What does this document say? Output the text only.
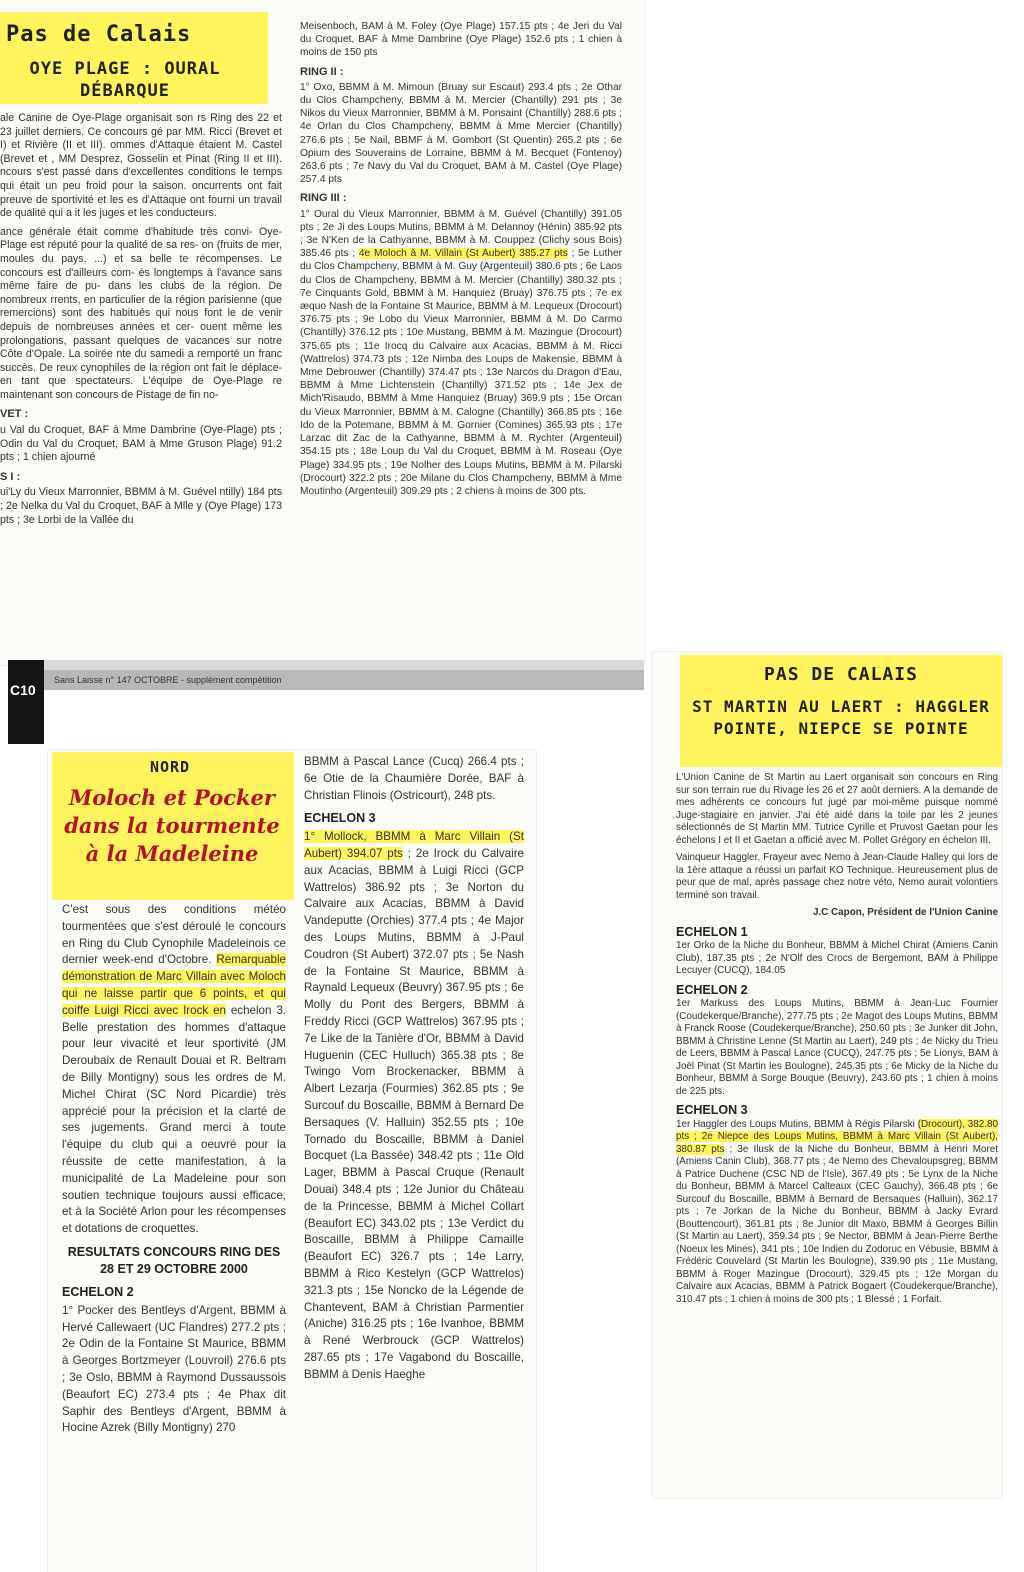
Pas de Calais
OYE PLAGE : OURAL DÉBARQUE

ale Canine de Oye-Plage organisait son rs Ring des 22 et 23 juillet derniers. Ce concours gé par MM. Ricci (Brevet et I) et Rivière (II et III). ommes d'Attaque étaient M. Castel (Brevet et , MM Desprez, Gosselin et Pinat (Ring II et III). ncours s'est passé dans d'excellentes conditions le temps qui était un peu froid pour la saison. oncurrents ont fait preuve de sportivité et les es d'Attaque ont fourni un travail de qualité qui a it les juges et les conducteurs.

ance générale était comme d'habitude très convi- Oye-Plage est réputé pour la qualité de sa res- on (fruits de mer, moules du pays, ...) et sa belle te récompenses. Le concours est d'ailleurs com- ès longtemps à l'avance sans même faire de pu- dans les clubs de la région. De nombreux rrents, en particulier de la région parisienne (que remercions) sont des habitués qui nous font le de venir depuis de nombreuses années et cer- ouent même les prolongations, passant quelques de vacances sur notre Côte d'Opale. La soirée nte du samedi a remporté un franc succès. De reux cynophiles de la région ont fait le déplace- en tant que spectateurs. L'équipe de Oye-Plage re maintenant son concours de Pistage de fin no-

VET :

u Val du Croquet, BAF à Mme Dambrine (Oye-Plage) pts ; Odin du Val du Croquet, BAM à Mme Gruson Plage) 91.2 pts ; 1 chien ajourné

S I :

ui'Ly du Vieux Marronnier, BBMM à M. Guével ntilly) 184 pts ; 2e Nelka du Val du Croquet, BAF à Mlle y (Oye Plage) 173 pts ; 3e Lorbi de la Vallée du

Meisenboch, BAM à M. Foley (Oye Plage) 157.15 pts ; 4e Jeri du Val du Croquet, BAF à Mme Dambrine (Oye Plage) 152.6 pts ; 1 chien à moins de 150 pts

RING II :

1° Oxo, BBMM à M. Mimoun (Bruay sur Escaut) 293.4 pts ; 2e Othar du Clos Champcheny, BBMM à M. Mercier (Chantilly) 291 pts ; 3e Nikos du Vieux Marronnier, BBMM à M. Ponsaint (Chantilly) 288.6 pts ; 4e Orlan du Clos Champcheny, BBMM à Mme Mercier (Chantilly) 276.6 pts ; 5e Nail, BBMF à M. Gombort (St Quentin) 265.2 pts ; 6e Opium des Souverains de Lorraine, BBMM à M. Becquet (Fontenoy) 263.6 pts ; 7e Navy du Val du Croquet, BAM à M. Castel (Oye Plage) 257.4 pts

RING III :

1° Oural du Vieux Marronnier, BBMM à M. Guével (Chantilly) 391.05 pts ; 2e Ji des Loups Mutins, BBMM à M. Delannoy (Hénin) 385.92 pts ; 3e N'Ken de la Cathyanne, BBMM à M. Couppez (Clichy sous Bois) 385.46 pts ; 4e Moloch à M. Villain (St Aubert) 385.27 pts ; 5e Luther du Clos Champcheny, BBMM à M. Guy (Argenteuil) 380.6 pts ; 6e Laos du Clos de Champcheny, BBMM à M. Mercier (Chantilly) 380.32 pts ; 7e Cinquants Gold, BBMM à M. Hanquiez (Bruay) 376.75 pts ; 7e ex æquo Nash de la Fontaine St Maurice, BBMM à M. Lequeux (Drocourt) 376.75 pts ; 9e Lobo du Vieux Marronnier, BBMM à M. Do Carmo (Chantilly) 376.12 pts ; 10e Mustang, BBMM à M. Mazingue (Drocourt) 375.65 pts ; 11e Irocq du Calvaire aux Acacias, BBMM à M. Ricci (Wattrelos) 374.73 pts ; 12e Nimba des Loups de Makensie, BBMM à Mme Debrouwer (Chantilly) 374.47 pts ; 13e Narcos du Dragon d'Eau, BBMM à Mme Lichtenstein (Chantilly) 371.52 pts ; 14e Jex de Mich'Risaudo, BBMM à Mme Hanquiez (Bruay) 369.9 pts ; 15e Orcan du Vieux Marronnier, BBMM à M. Calogne (Chantilly) 366.85 pts ; 16e Ido de la Potemane, BBMM à M. Gornier (Comines) 365.93 pts ; 17e Larzac dit Zac de la Cathyanne, BBMM à M. Rychter (Argenteuil) 354.15 pts ; 18e Loup du Val du Croquet, BBMM à M. Roseau (Oye Plage) 334.95 pts ; 19e Nolher des Loups Mutins, BBMM à M. Pilarski (Drocourt) 322.2 pts ; 20e Milane du Clos Champcheny, BBMM à Mme Moutinho (Argenteuil) 309.29 pts ; 2 chiens à moins de 300 pts.

C10
Sans Laisse n° 147 OCTOBRE - supplément compétition
NORD
Moloch et Pocker dans la tourmente à la Madeleine

C'est sous des conditions météo tourmentées que s'est déroulé le concours en Ring du Club Cynophile Madeleinois ce dernier week-end d'Octobre. Remarquable démonstration de Marc Villain avec Moloch qui ne laisse partir que 6 points, et qui coiffe Luigi Ricci avec Irock en echelon 3. Belle prestation des hommes d'attaque pour leur vivacité et leur sportivité (JM Deroubaix de Renault Douai et R. Beltram de Billy Montigny) sous les ordres de M. Michel Chirat (SC Nord Picardie) très apprécié pour la précision et la clarté de ses jugements. Grand merci à toute l'équipe du club qui a oeuvré pour la réussite de cette manifestation, à la municipalité de La Madeleine pour son soutien technique toujours aussi efficace, et à la Société Arlon pour les récompenses et dotations de croquettes.

RESULTATS CONCOURS RING DES 28 ET 29 OCTOBRE 2000
ECHELON 2

1° Pocker des Bentleys d'Argent, BBMM à Hervé Callewaert (UC Flandres) 277.2 pts ; 2e Odin de la Fontaine St Maurice, BBMM à Georges Bortzmeyer (Louvroil) 276.6 pts ; 3e Oslo, BBMM à Raymond Dussaussois (Beaufort EC) 273.4 pts ; 4e Phax dit Saphir des Bentleys d'Argent, BBMM à Hocine Azrek (Billy Montigny) 270

BBMM à Pascal Lance (Cucq) 266.4 pts ; 6e Otie de la Chaumière Dorée, BAF à Christian Flinois (Ostricourt), 248 pts.

ECHELON 3

1° Mollock, BBMM à Marc Villain (St Aubert) 394.07 pts ; 2e Irock du Calvaire aux Acacias, BBMM à Luigi Ricci (GCP Wattrelos) 386.92 pts ; 3e Norton du Calvaire aux Acacias, BBMM à David Vandeputte (Orchies) 377.4 pts ; 4e Major des Loups Mutins, BBMM à J-Paul Coudron (St Aubert) 372.07 pts ; 5e Nash de la Fontaine St Maurice, BBMM à Raynald Lequeux (Beuvry) 367.95 pts ; 6e Molly du Pont des Bergers, BBMM à Freddy Ricci (GCP Wattrelos) 367.95 pts ; 7e Like de la Tanière d'Or, BBMM à David Huguenin (CEC Hulluch) 365.38 pts ; 8e Twingo Vom Brockenacker, BBMM à Albert Lezarja (Fourmies) 362.85 pts ; 9e Surcouf du Boscaille, BBMM à Bernard De Bersaques (V. Halluin) 352.55 pts ; 10e Tornado du Boscaille, BBMM à Daniel Bocquet (La Bassée) 348.42 pts ; 11e Old Lager, BBMM à Pascal Cruque (Renault Douai) 348.4 pts ; 12e Junior du Château de la Princesse, BBMM à Michel Collart (Beaufort EC) 343.02 pts ; 13e Verdict du Boscaille, BBMM à Philippe Camaille (Beaufort EC) 326.7 pts ; 14e Larry, BBMM à Rico Kestelyn (GCP Wattrelos) 321.3 pts ; 15e Noncko de la Légende de Chantevent, BAM à Christian Parmentier (Aniche) 316.25 pts ; 16e Ivanhoe, BBMM à René Werbrouck (GCP Wattrelos) 287.65 pts ; 17e Vagabond du Boscaille, BBMM à Denis Haeghe

PAS DE CALAIS
ST MARTIN AU LAERT : HAGGLER POINTE, NIEPCE SE POINTE

L'Union Canine de St Martin au Laert organisait son concours en Ring sur son terrain rue du Rivage les 26 et 27 août derniers. A la demande de mes adhérents ce concours fut jugé par moi-même puisque nommé Juge-stagiaire en janvier. J'ai été aidé dans la toile par les 2 jeunes sélectionnés de St Martin MM. Tutrice Cyrille et Pruvost Gaetan pour les échelons I et II et Gaetan a officié avec M. Pollet Grégory en échelon III.

Vainqueur Haggler, Frayeur avec Nemo à Jean-Claude Halley qui lors de la 1ère attaque a réussi un parfait KO Technique. Heureusement plus de peur que de mal, après passage chez notre véto, Nemo aurait volontiers terminé son travail.

J.C Capon, Président de l'Union Canine
ECHELON 1

1er Orko de la Niche du Bonheur, BBMM à Michel Chirat (Amiens Canin Club), 187.35 pts ; 2e N'Olf des Crocs de Bergemont, BAM à Philippe Lecuyer (CUCQ), 184.05

ECHELON 2

1er Markuss des Loups Mutins, BBMM à Jean-Luc Fournier (Coudekerque/Branche), 277.75 pts ; 2e Magot des Loups Mutins, BBMM à Franck Roose (Coudekerque/Branche), 250.60 pts ; 3e Junker dit John, BBMM à Christine Lenne (St Martin au Laert), 249 pts ; 4e Nicky du Trieu de Leers, BBMM à Pascal Lance (CUCQ), 247.75 pts ; 5e Lionys, BAM à Joël Pinat (St Martin les Boulogne), 245.35 pts ; 6e Micky de la Niche du Bonheur, BBMM à Sorge Bouque (Beuvry), 243.60 pts ; 1 chien à moins de 225 pts.

ECHELON 3

1er Haggler des Loups Mutins, BBMM à Régis Pilarski (Drocourt), 382.80 pts ; 2e Niepce des Loups Mutins, BBMM à Marc Villain (St Aubert), 380.87 pts ; 3e Ilusk de la Niche du Bonheur, BBMM à Henri Moret (Amiens Canin Club), 368.77 pts ; 4e Nemo des Chevaloupsgreg, BBMM à Patrice Duchene (CSC ND de l'Isle), 367.49 pts ; 5e Lynx de la Niche du Bonheur, BBMM à Marcel Calteaux (CEC Gauchy), 366.48 pts ; 6e Surcouf du Boscaille, BBMM à Bernard de Bersaques (Halluin), 362.17 pts ; 7e Jorkan de la Niche du Bonheur, BBMM à Jacky Evrard (Bouttencourt), 361.81 pts ; 8e Junior dit Maxo, BBMM à Georges Billin (St Martin au Laert), 359.34 pts ; 9e Nector, BBMM à Jean-Pierre Berthe (Noeux les Mines), 341 pts ; 10e Indien du Zodoruc en Vébusie, BBMM à Frédéric Couvelard (St Martin les Boulogne), 339.90 pts ; 11e Mustang, BBMM à Roger Mazingue (Drocourt), 329.45 pts ; 12e Morgan du Calvaire aux Acacias, BBMM à Patrick Bogaert (Coudekerque/Branche), 310.47 pts ; 1 chien à moins de 300 pts ; 1 Blessé ; 1 Forfait.
